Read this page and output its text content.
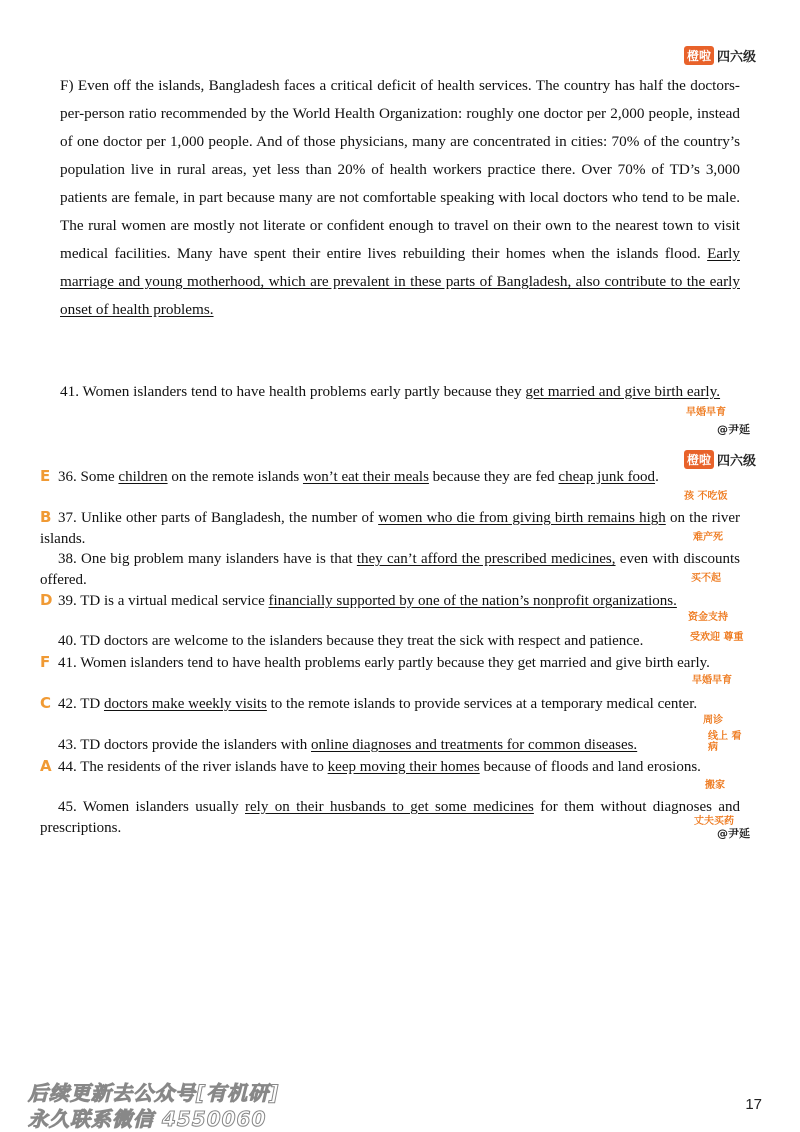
橙啦 四六级

F) Even off the islands, Bangladesh faces a critical deficit of health services. The country has half the doctors-per-person ratio recommended by the World Health Organization: roughly one doctor per 2,000 people, instead of one doctor per 1,000 people. And of those physicians, many are concentrated in cities: 70% of the country’s population live in rural areas, yet less than 20% of health workers practice there. Over 70% of TD’s 3,000 patients are female, in part because many are not comfortable speaking with local doctors who tend to be male. The rural women are mostly not literate or confident enough to travel on their own to the nearest town to visit medical facilities. Many have spent their entire lives rebuilding their homes when the islands flood. Early marriage and young motherhood, which are prevalent in these parts of Bangladesh, also contribute to the early onset of health problems.

41. Women islanders tend to have health problems early partly because they get married and give birth early.

早婚早育
@尹延
橙啦 四六级

E 36. Some children on the remote islands won’t eat their meals because they are fed cheap junk food.

孩 不吃饭

B 37. Unlike other parts of Bangladesh, the number of women who die from giving birth remains high on the river islands.	难产死

38. One big problem many islanders have is that they can’t afford the prescribed medicines, even with discounts offered.	买不起

D 39. TD is a virtual medical service financially supported by one of the nation’s nonprofit organizations.

资金支持

40. TD doctors are welcome to the islanders because they treat the sick with respect and patience.	受欢迎 尊重

F 41. Women islanders tend to have health problems early partly because they get married and give birth early.

早婚早育

C 42. TD doctors make weekly visits to the remote islands to provide services at a temporary medical center.

周诊

43. TD doctors provide the islanders with online diagnoses and treatments for common diseases.

线上 看病

A 44. The residents of the river islands have to keep moving their homes because of floods and land erosions.

搬家

45. Women islanders usually rely on their husbands to get some medicines for them without diagnoses and prescriptions.	丈夫买药
@尹延
后续更新去公众号[有机研]
永久联系微信 4550060
17
